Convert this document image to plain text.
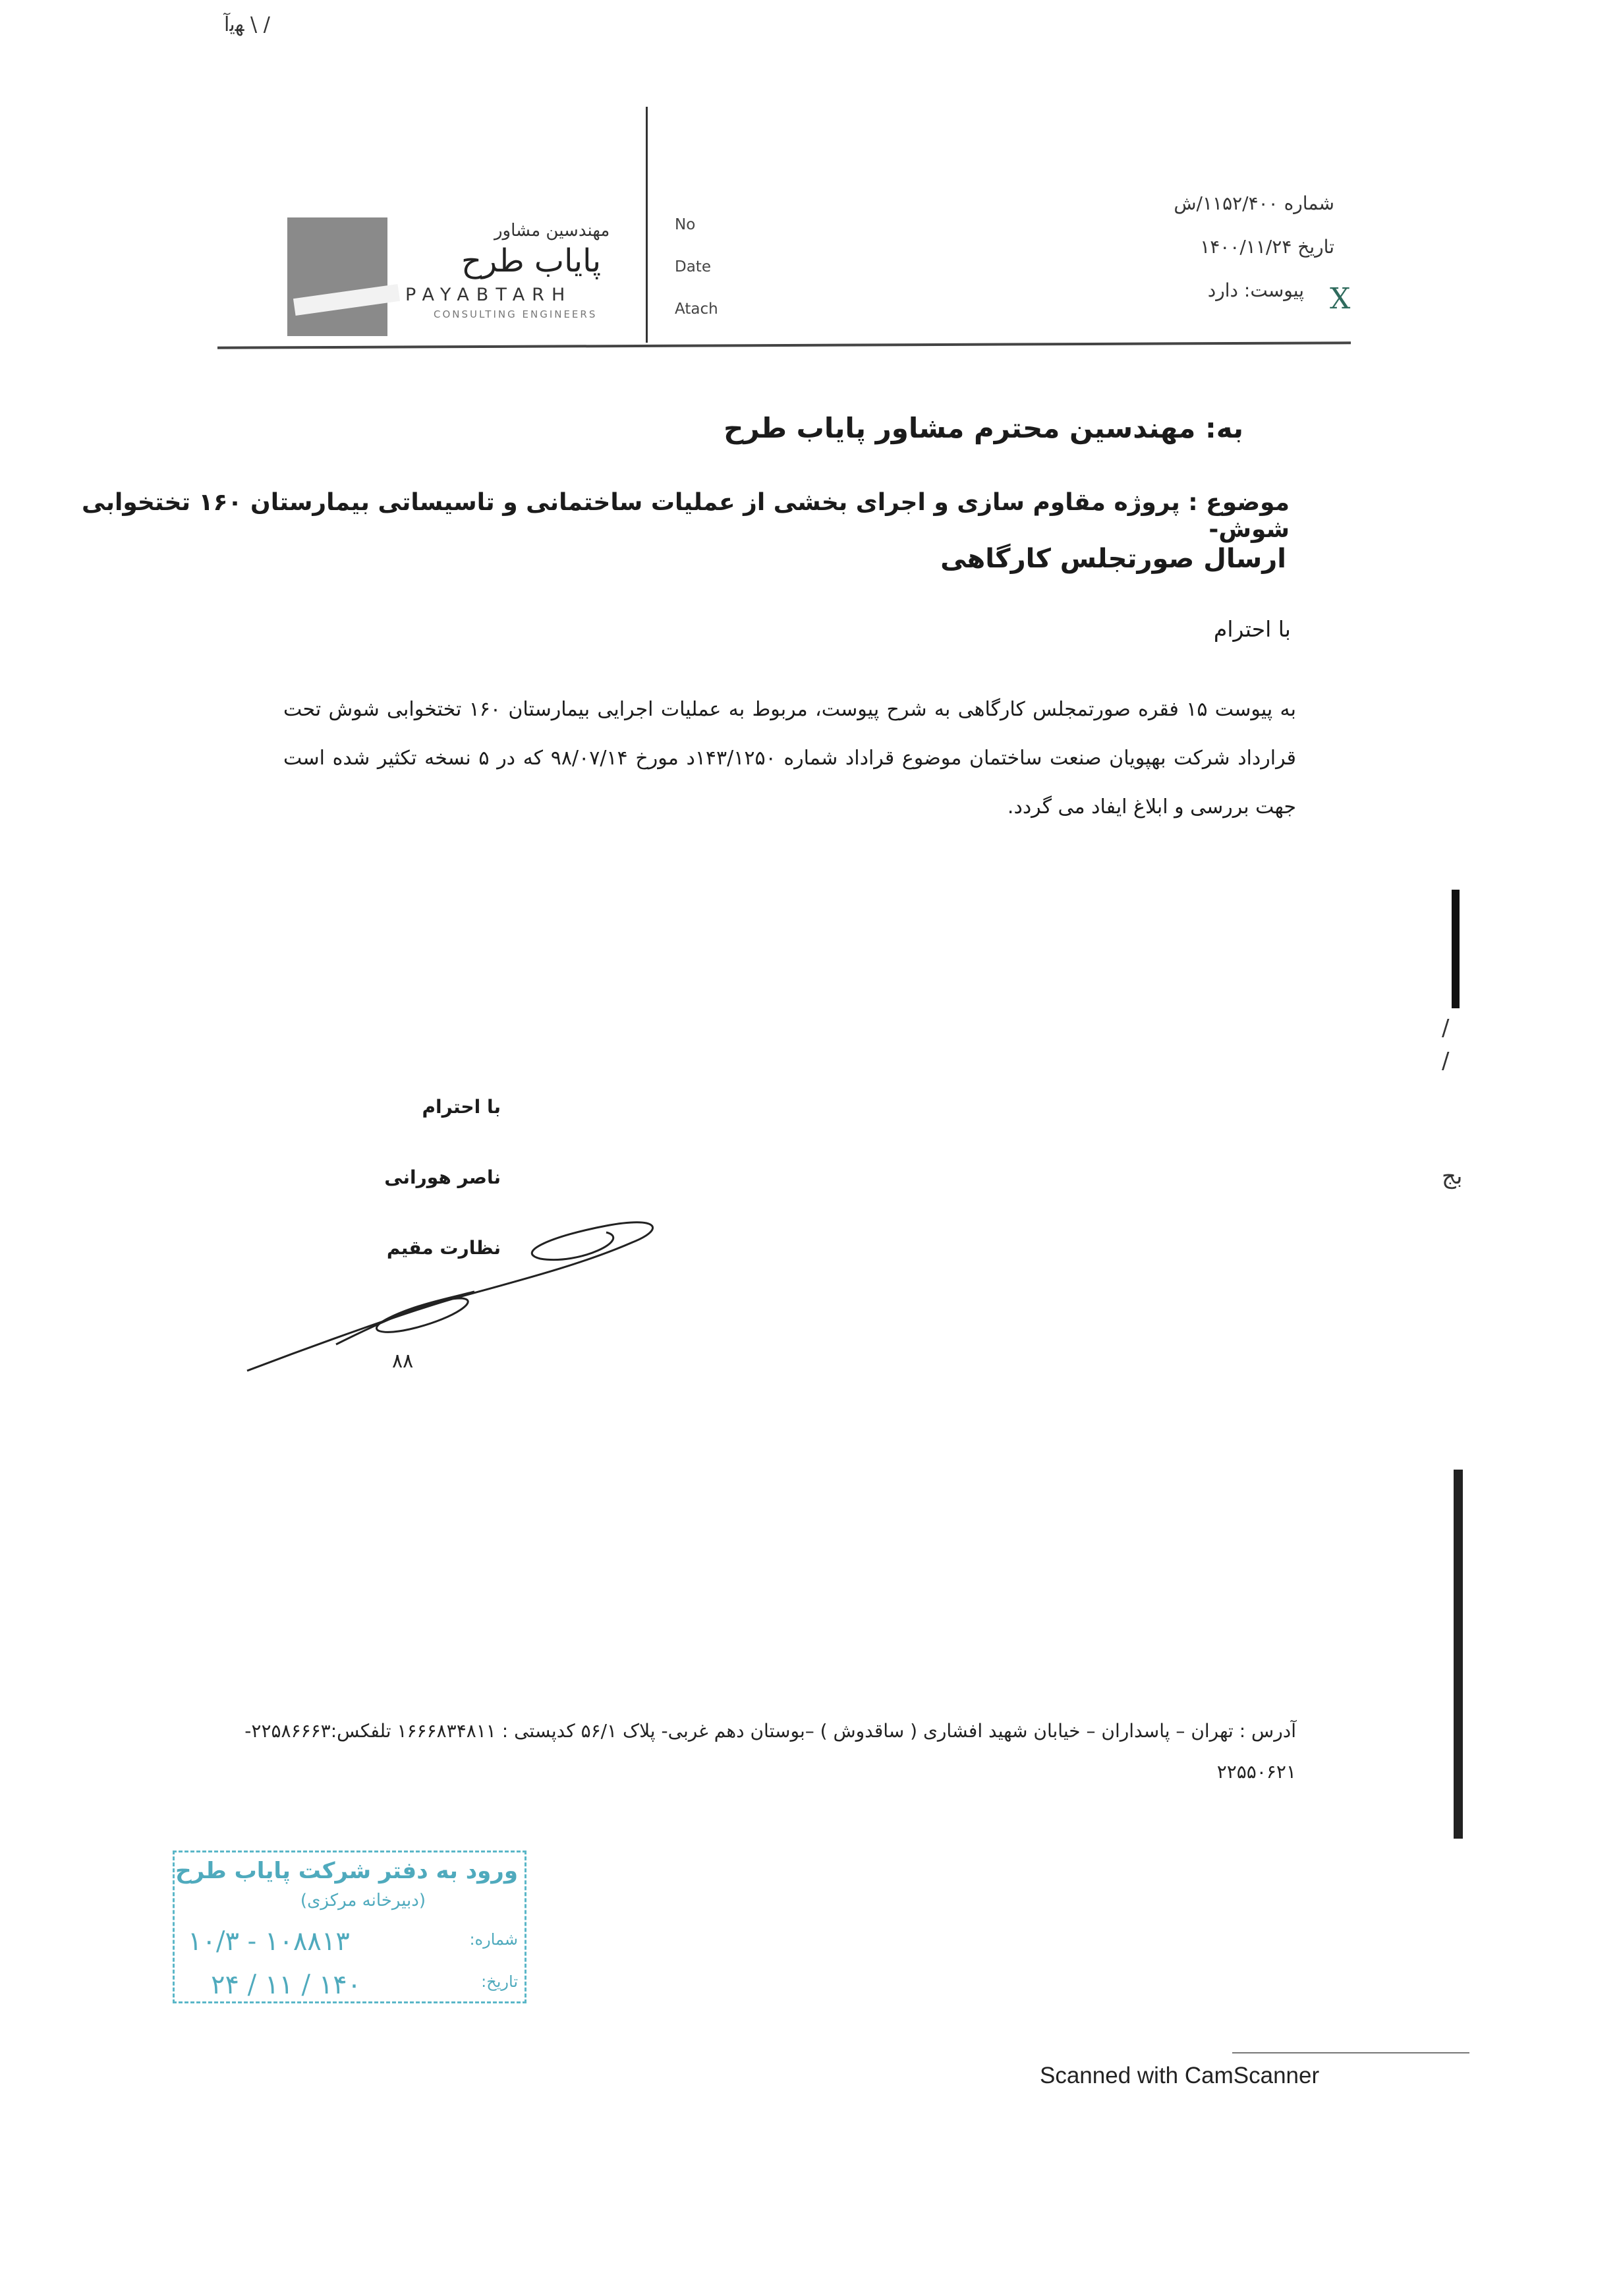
ﻬﯾآ \ /
مهندسین مشاور
پایاب طرح
PAYABTARH
CONSULTING ENGINEERS
No
Date
Atach
شماره ۱۱۵۲/۴۰۰/ش
تاریخ ۱۴۰۰/۱۱/۲۴
پیوست: دارد X
به: مهندسین محترم مشاور پایاب طرح
موضوع : پروژه مقاوم سازی و اجرای بخشی از عملیات ساختمانی و تاسیساتی بیمارستان ۱۶۰ تختخوابی شوش-
ارسال صورتجلس کارگاهی
با احترام
به پیوست ۱۵ فقره صورتمجلس کارگاهی به شرح پیوست، مربوط به عملیات اجرایی بیمارستان ۱۶۰ تختخوابی شوش تحت قرارداد شرکت بهپویان صنعت ساختمان موضوع قراداد شماره ۱۴۳/۱۲۵۰د مورخ ۹۸/۰۷/۱۴ که در ۵ نسخه تکثیر شده است جهت بررسی و ابلاغ ایفاد می گردد.
با احترام
ناصر هورانی
نظارت مقیم
۸۸
آدرس : تهران – پاسداران – خیابان شهید افشاری ( ساقدوش ) –بوستان دهم غربی- پلاک ۵۶/۱ کدپستی : ۱۶۶۶۸۳۴۸۱۱ تلفکس:۲۲۵۸۶۶۶۳-
۲۲۵۵۰۶۲۱
ورود به دفتر شرکت پایاب طرح
(دبیرخانه مرکزی)
شماره:
۱۰۸۸۱۳ - ۱۰/۳
تاریخ:
۱۴۰ / ۱۱ / ۲۴
Scanned with CamScanner
/
/
بج
